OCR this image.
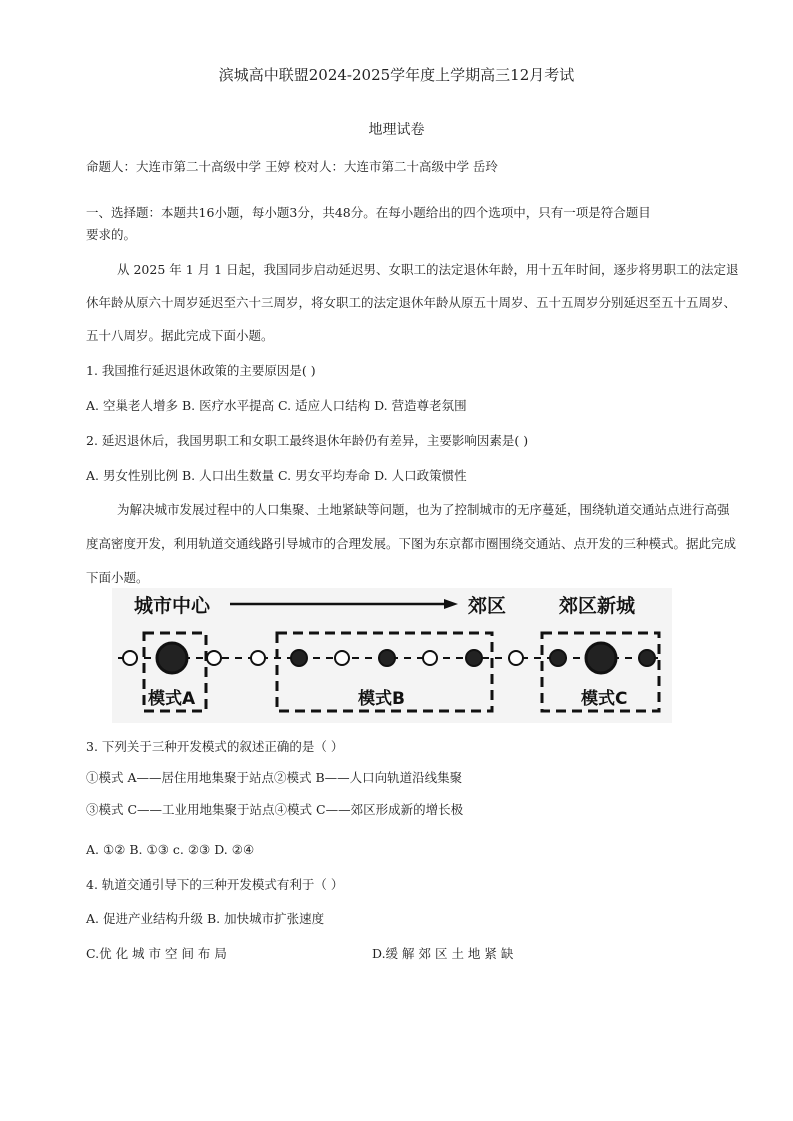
滨城高中联盟2024-2025学年度上学期高三12月考试
地理试卷
命题人：大连市第二十高级中学 王婷 校对人：大连市第二十高级中学 岳玲
一、选择题：本题共16小题，每小题3分，共48分。在每小题给出的四个选项中，只有一项是符合题目
要求的。
从 2025 年 1 月 1 日起，我国同步启动延迟男、女职工的法定退休年龄，用十五年时间，逐步将男职工的法定退
休年龄从原六十周岁延迟至六十三周岁，将女职工的法定退休年龄从原五十周岁、五十五周岁分别延迟至五十五周岁、
五十八周岁。据此完成下面小题。
1. 我国推行延迟退休政策的主要原因是( )
A. 空巢老人增多 B. 医疗水平提高 C. 适应人口结构 D. 营造尊老氛围
2. 延迟退休后，我国男职工和女职工最终退休年龄仍有差异，主要影响因素是( )
A. 男女性别比例 B. 人口出生数量 C. 男女平均寿命 D. 人口政策惯性
为解决城市发展过程中的人口集聚、土地紧缺等问题，也为了控制城市的无序蔓延，围绕轨道交通站点进行高强
度高密度开发，利用轨道交通线路引导城市的合理发展。下图为东京都市圈围绕交通站、点开发的三种模式。据此完成
下面小题。
城市中心	郊区	郊区新城
模式A	模式B	模式C
3. 下列关于三种开发模式的叙述正确的是（ ）
①模式 A——居住用地集聚于站点②模式 B——人口向轨道沿线集聚
③模式 C——工业用地集聚于站点④模式 C——郊区形成新的增长极
A. ①② B. ①③ c. ②③ D. ②④
4. 轨道交通引导下的三种开发模式有利于（ ）
A. 促进产业结构升级 B. 加快城市扩张速度
C.优 化 城 市 空 间 布 局	D.缓 解 郊 区 土 地 紧 缺
